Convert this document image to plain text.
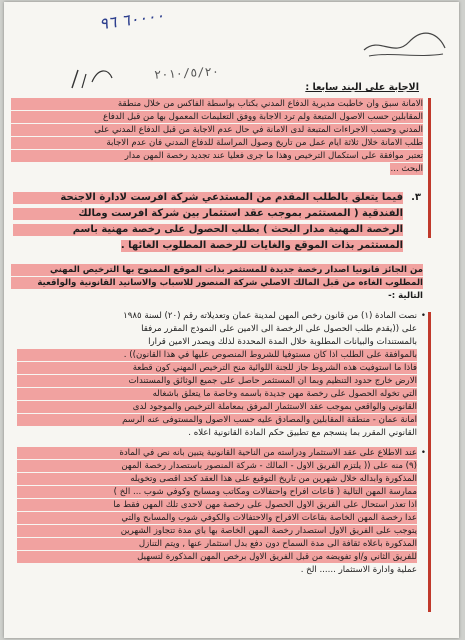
٦٠٠٠٠ ٩٦
٢٠١٠/٥/٢٠
الاجابة على البند سابعا :
الامانة سبق وان خاطبت مديرية الدفاع المدني بكتاب بواسطة الفاكس من خلال منطقة
المقابلين حسب الاصول المتبعة ولم ترد الاجابة ووفق التعليمات المعمول بها من قبل الدفاع
المدني وحسب الاجراءات المتبعة لدى الامانة في حال عدم الاجابة من قبل الدفاع المدني على
طلب الامانة خلال ثلاثة ايام عمل من تاريخ وصول المراسلة للدفاع المدني فان عدم الاجابة
تعتبر موافقة على استكمال الترخيص وهذا ما جرى فعليا عند تجديد رخصة المهن مدار
البحث ...
٣.
فيما يتعلق بالطلب المقدم من المستدعي شركة افرست لادارة الاجنحة
الفندقية ( المستثمر بموجب عقد استثمار بين شركة افرست ومالك
الرخصة المهنية مدار البحث ) بطلب الحصول على رخصة مهنية باسم
المستثمر بذات الموقع والغايات للرخصة المطلوب الغائها .
من الجائز قانونيا اصدار رخصة جديدة للمستثمر بذات الموقع الممنوح بها الترخيص المهني
المطلوب الغاءه من قبل المالك الاصلي شركة المنصور للاسباب والاسانيد القانونية والواقعية
التالية :-
• نصت المادة (١) من قانون رخص المهن لمدينة عمان وتعديلاته رقم (٢٠) لسنة ١٩٨٥
على ((يقدم طلب الحصول على الرخصة الى الامين على النموذج المقرر مرفقا
بالمستندات والبيانات المطلوبة خلال المدة المحددة لذلك ويصدر الامين قرارا
بالموافقة على الطلب اذا كان مستوفيا للشروط المنصوص عليها في هذا القانون)) .
فاذا ما استوفيت هذه الشروط جاز للجنة اللوائية منح الترخيص المهني كون قطعة
الارض خارج حدود التنظيم وبما ان المستثمر حاصل على جميع الوثائق والمستندات
التي تخوله الحصول على رخصة مهن جديدة باسمه وخاصة ما يتعلق باشغاله
القانوني والواقعي بموجب عقد الاستثمار المرفق بمعاملة الترخيص والموجود لدى
امانة عمان - منطقة المقابلين والمصادق عليه حسب الاصول والمستوفى عنه الرسم
القانوني المقرر بما ينسجم مع تطبيق حكم المادة القانونية اعلاه .
• عند الاطلاع على عقد الاستثمار ودراسته من الناحية القانونية يتبين بانه نص في المادة
(٩) منه على (( يلتزم الفريق الاول - المالك - شركة المنصور باستصدار رخصة المهن
المذكورة وابداله خلال شهرين من تاريخ التوقيع على هذا العقد كحد اقصى وتخويله
ممارسة المهن التالية ( قاعات افراح واحتفالات ومكاتب ومسابح وكوفي شوب ... الخ )
اذا تعذر استحال على الفريق الاول الحصول على رخصة مهن لاحدى تلك المهن فقط ما
عدا رخصة المهن الخاصة بقاعات الافراح والاحتفالات والكوفي شوب والمسابح والتي
يتوجب على الفريق الاول استصدار رخصة المهن الخاصة بها باي مدة تتجاوز الشهرين
المذكورة باعلاه ثقافة الى مدة السماح دون دفع بدل استثمار عنها , ويتم التنازل
للفريق الثاني و/او تفويضه من قبل الفريق الاول برخص المهن المذكورة لتسهيل
عملية وادارة الاستثمار ...... الخ .
